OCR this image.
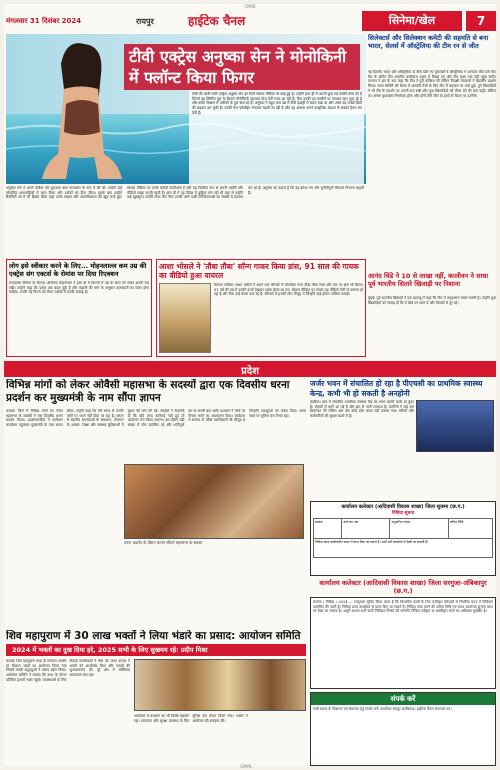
CMYK
मंगलवार 31 दिसंबर 2024	रायपुर	हाईटेक चैनल	सिनेमा/खेल	7
टीवी एक्ट्रेस अनुष्का सेन ने मोनोकिनी में फ्लॉन्ट किया फिगर
टीवी की जानी-मानी एक्ट्रेस अनुष्का सेन इन दिनों सोशल मीडिया पर छाई हुई हैं। उन्होंने हाल ही में अपनी कुछ नई तस्वीरें शेयर की हैं जिनमें वह स्विमिंग पूल के किनारे मोनोकिनी पहनकर पोज देती नजर आ रही हैं। फैंस उनकी इन तस्वीरों पर जमकर प्यार लुटा रहे हैं और कमेंट सेक्शन में तारीफों के पुल बांध रहे हैं। अनुष्का ने बहुत कम उम्र में टीवी इंडस्ट्री में कदम रखा था और आज वह लाखों दिलों की धड़कन बन चुकी हैं। उनकी फैन फॉलोइंग लगातार बढ़ती जा रही है और वह अक्सर अपने स्टाइलिश अंदाज से सबको हैरान कर देती हैं।
सिलेक्टर्स और सिलेक्शन कमेटी की सहमति से बना भारत, सेलर्स में ऑस्ट्रेलिया की टीम रन से जीत
नई दिल्ली। भारत और ऑस्ट्रेलिया के बीच खेले गए मुकाबले में ऑस्ट्रेलिया ने शानदार जीत दर्ज की। मैच के अंतिम दिन भारतीय बल्लेबाज दबाव में बिखर गए और टीम लक्ष्य तक नहीं पहुंच सकी। कप्तान ने हार के बाद कहा कि टीम ने पूरी कोशिश की लेकिन विपक्षी गेंदबाजों ने बेहतरीन प्रदर्शन किया। चयन समिति की बैठक में आगामी मैचों के लिए टीम में बदलाव पर चर्चा हुई। पूर्व खिलाड़ियों ने भी टीम के प्रदर्शन पर अपनी राय रखी और युवा खिलाड़ियों को मौका देने की बात कही। सीरीज का अगला मुकाबला निर्णायक होगा और दोनों टीमें जीत के इरादे से मैदान पर उतरेंगी।
आनंद चिंडे ने 10 से लाखा नहीं, कालीवन ने साधा पूर्व भारतीय सितारे खिलाड़ी पर निशाना
मुंबई। पूर्व भारतीय खिलाड़ी ने एक इंटरव्यू में कहा कि टीम में अनुशासन सबसे जरूरी है। उन्होंने युवा खिलाड़ियों को सलाह दी कि वे खेल पर ध्यान दें और विवादों से दूर रहें।
अनुष्का सेन ने अपने करियर की शुरुआत बाल कलाकार के रूप में की थी। उन्होंने कई लोकप्रिय धारावाहिकों में काम किया और दर्शकों का दिल जीता। इसके बाद उन्होंने रियलिटी शो में भी हिस्सा लिया जहां उनके साहस और आत्मविश्वास की खूब चर्चा हुई। सोशल मीडिया पर उनके करोड़ों फॉलोअर्स हैं और वह नियमित रूप से अपनी तस्वीरें और वीडियो साझा करती रहती हैं। हाल ही में वह विदेश में छुट्टियां मना रही थीं जहां से उन्होंने कई खूबसूरत तस्वीरें पोस्ट कीं। फैंस उनकी आने वाली परियोजनाओं का बेसब्री से इंतजार कर रहे हैं। अनुष्का का कहना है कि वह हमेशा नए और चुनौतीपूर्ण किरदार निभाना चाहती हैं।
लोग इसे स्वीकार करने के लिए... मोहनलाल्ल कम उम्र की एक्ट्रेस संग एक्टर्स के रोमांस पर दिया रिएक्शन
मलयालम सिनेमा के दिग्गज अभिनेता मोहनलाल ने हाल ही में फिल्मों में उम्र के अंतर को लेकर अपनी राय रखी। उन्होंने कहा कि दर्शक अब बदल चुके हैं और कहानी की मांग के अनुसार कलाकारों का चयन होना चाहिए। उनकी नई फिल्म को लेकर दर्शकों में काफी उत्साह है।
आशा भोसले ने 'तौबा तौबा' सॉन्ग गाकर किया डांस, 91 साल की गायक का वीडियो हुआ वायरल
दिग्गज गायिका आशा भोसले ने अपने एक कॉन्सर्ट में लोकप्रिय गाना तौबा तौबा गाया और मंच पर डांस भी किया। 91 वर्ष की उम्र में उनकी ऊर्जा देखकर दर्शक हैरान रह गए। सोशल मीडिया पर उनका यह वीडियो तेजी से वायरल हो रहा है और फैंस उन्हें प्रेरणा बता रहे हैं। कॉन्सर्ट में हजारों लोग मौजूद थे जिन्होंने खड़े होकर तालियां बजाईं।
प्रदेश
विभिन्न मांगों को लेकर ओवैसी महासभा के सदस्यों द्वारा एक दिवसीय धरना प्रदर्शन कर मुख्यमंत्री के नाम सौंपा ज्ञापन
कवर्धा। जिले में विभिन्न मांगों को लेकर महासभा के सदस्यों ने एक दिवसीय धरना प्रदर्शन किया। प्रदर्शनकारियों ने कलेक्टर कार्यालय पहुंचकर मुख्यमंत्री के नाम ज्ञापन सौंपा। उन्होंने कहा कि लंबे समय से उनकी मांगों पर ध्यान नहीं दिया जा रहा है। ज्ञापन में स्थानीय समस्याओं के समाधान, रोजगार के अवसर, शिक्षा और स्वास्थ्य सुविधाओं में सुधार की मांग की गई। सदस्यों ने चेतावनी दी कि यदि जल्द कार्रवाई नहीं हुई तो आंदोलन तेज किया जाएगा। इस दौरान बड़ी संख्या में लोग उपस्थित रहे और शांतिपूर्ण ढंग से अपनी बात रखी। प्रशासन ने मांगों पर विचार करने का आश्वासन दिया। कार्यक्रम में समाज के वरिष्ठ पदाधिकारी भी मौजूद थे जिन्होंने एकजुटता का संदेश दिया। धरना स्थल पर पुलिस बल तैनात रहा।
धरना प्रदर्शन के दौरान ज्ञापन सौंपते महासभा के सदस्य
जर्जर भवन में संचालित हो रहा है पीएचसी का प्राथमिक स्वास्थ्य केन्द्र, कभी भी हो सकती है अनहोनी
पंडरिया। ग्राम में संचालित प्राथमिक स्वास्थ्य केंद्र का भवन काफी जर्जर हो चुका है। दीवारों में दरारें आ गई हैं और छत से पानी टपकता है। ग्रामीणों ने कई बार शिकायत की लेकिन अब तक कोई ठोस कदम नहीं उठाया गया। मरीजों और कर्मचारियों की सुरक्षा खतरे में है।
कार्यालय कलेक्टर (आदिवासी विकास शाखा) जिला सुकमा (छ.ग.)
निविदा सूचना
क्रमांक	कार्य का नाम	अनुमानित लागत	अंतिम तिथि
निविदा प्रपत्र कार्यालयीन समय में प्राप्त किए जा सकते हैं। सभी शर्तें कार्यालय में देखी जा सकती हैं।
शिव महापुराण में 30 लाख भक्तों ने लिया भंडारे का प्रसाद: आयोजन समिति
2024 में भक्तों का दुख दिया हरे, 2025 सभी के लिए सुखमय रहे: प्रदीप मिश्रा
कवर्धा। शिव महापुराण कथा के समापन अवसर पर विशाल भंडारे का आयोजन किया गया जिसमें लाखों श्रद्धालुओं ने प्रसाद ग्रहण किया। आयोजन समिति ने बताया कि कथा के दौरान प्रतिदिन हजारों भक्त पहुंचे। व्यवस्थाओं के लिए सैकड़ों स्वयंसेवकों ने सेवा दी। कथा वाचक ने भक्तों को आशीर्वाद दिया और नववर्ष की शुभकामनाएं दीं। पूरे क्षेत्र में भक्तिमय वातावरण बना रहा।
आयोजन में प्रशासन का भी विशेष सहयोग रहा। यातायात और सुरक्षा व्यवस्था के लिए पुलिस बल तैनात किया गया। भक्तों ने आयोजन की सराहना की।
कार्यालय कलेक्टर (आदिवासी विकास शाखा) जिला सरगुजा-अंबिकापुर (छ.ग.)
क्रमांक / निविदा / 2024 — एतद्द्वारा सूचित किया जाता है कि विभागीय कार्यों के लिए पंजीकृत ठेकेदारों से निर्धारित प्रपत्र में निविदाएं आमंत्रित की जाती हैं। निविदा प्रपत्र कार्यालय से प्राप्त किए जा सकते हैं। निविदा जमा करने की अंतिम तिथि एवं समय कार्यालय सूचना पटल पर देखा जा सकता है। अधूरी अथवा शर्तों वाली निविदाएं निरस्त की जाएंगी। निविदा स्वीकृत या अस्वीकृत करने का अधिकार सुरक्षित है।
संपर्क करें
सभी प्रकार के विज्ञापन एवं समाचार हेतु संपर्क करें। कार्यालय रायपुर छत्तीसगढ़। हाईटेक चैनल समाचार पत्र।
CMYK
